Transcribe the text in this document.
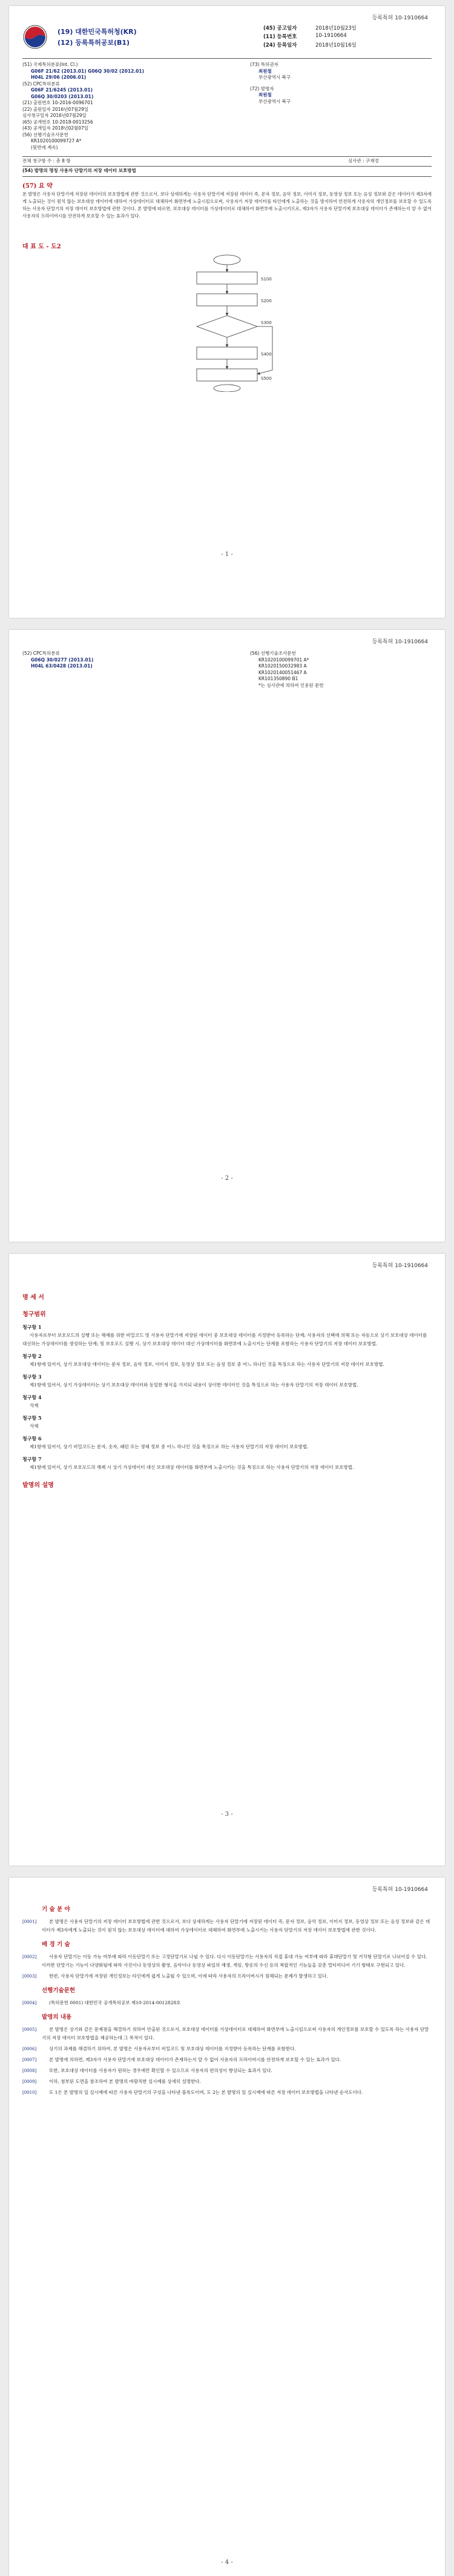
등록특허 10-1910664
(19) 대한민국특허청(KR)
(12) 등록특허공보(B1)
(45) 공고일자	2018년10월23일
(11) 등록번호	10-1910664
(24) 등록일자	2018년10월16일
(51) 국제특허분류(Int. Cl.)
G06F 21/62 (2013.01) G06Q 30/02 (2012.01)
H04L 29/06 (2006.01)
(52) CPC특허분류
G06F 21/6245 (2013.01)
G06Q 30/0203 (2013.01)
(21) 출원번호 10-2016-0096701
(22) 출원일자 2016년07월29일
심사청구일자 2016년07월29일
(65) 공개번호 10-2018-0013256
(43) 공개일자 2018년02월07일
(56) 선행기술조사문헌
KR1020100099727 A*
(뒷면에 계속)
(73) 특허권자
최원철
부산광역시 북구
(72) 발명자
최원철
부산광역시 북구
전체 청구항 수 : 총 8 항	심사관 : 구재정
(54) 발명의 명칭 사용자 단말기의 저장 데이터 보호방법
(57) 요 약
본 발명은 사용자 단말기에 저장된 데이터의 보호방법에 관한 것으로서, 보다 상세하게는 사용자 단말기에 저장된 데이터 즉, 문자 정보, 음악 정보, 이미지 정보, 동영상 정보 또는 음성 정보와 같은 데이터가 제3자에게 노출되는 것이 원치 않는 보호대상 데이터에 대하여 가상데이터로 대체하여 화면부에 노출시킴으로써, 사용자가 저장 데이터를 타인에게 노출하는 것을 방지하여 안전하게 사용자의 개인정보를 보호할 수 있도록 하는 사용자 단말기의 저장 데이터 보호방법에 관한 것이다. 본 발명에 따르면, 보호대상 데이터를 가상데이터로 대체하여 화면부에 노출시키므로, 제3자가 사용자 단말기에 보호대상 데이터가 존재하는지 알 수 없어 사용자의 프라이버시를 안전하게 보호할 수 있는 효과가 있다.
대 표 도 - 도2
S100
S200
S300
S400
S500
- 1 -
등록특허 10-1910664
(52) CPC특허분류
G06Q 30/0277 (2013.01)
H04L 63/0428 (2013.01)
(56) 선행기술조사문헌
KR1020100099701 A*
KR1020150032983 A
KR1020140051467 A
KR101350890 B1
*는 심사관에 의하여 인용된 문헌
- 2 -
등록특허 10-1910664
명 세 서
청구범위
청구항 1
사용자로부터 보호모드의 실행 또는 해제를 위한 비밀코드 및 사용자 단말기에 저장된 데이터 중 보호대상 데이터를 지정받아 등록하는 단계; 사용자의 선택에 의해 또는 자동으로 상기 보호대상 데이터를 대신하는 가상데이터를 생성하는 단계; 및 보호모드 실행 시, 상기 보호대상 데이터 대신 가상데이터를 화면부에 노출시키는 단계를 포함하는 사용자 단말기의 저장 데이터 보호방법.
청구항 2
제1항에 있어서, 상기 보호대상 데이터는 문자 정보, 음악 정보, 이미지 정보, 동영상 정보 또는 음성 정보 중 어느 하나인 것을 특징으로 하는 사용자 단말기의 저장 데이터 보호방법.
청구항 3
제1항에 있어서, 상기 가상데이터는 상기 보호대상 데이터와 동일한 형식을 가지되 내용이 상이한 데이터인 것을 특징으로 하는 사용자 단말기의 저장 데이터 보호방법.
청구항 4
삭제
청구항 5
삭제
청구항 6
제1항에 있어서, 상기 비밀코드는 문자, 숫자, 패턴 또는 생체 정보 중 어느 하나인 것을 특징으로 하는 사용자 단말기의 저장 데이터 보호방법.
청구항 7
제1항에 있어서, 상기 보호모드의 해제 시 상기 가상데이터 대신 보호대상 데이터를 화면부에 노출시키는 것을 특징으로 하는 사용자 단말기의 저장 데이터 보호방법.
발명의 설명
- 3 -
등록특허 10-1910664
기 술 분 야
[0001]	본 발명은 사용자 단말기의 저장 데이터 보호방법에 관한 것으로서, 보다 상세하게는 사용자 단말기에 저장된 데이터 즉, 문자 정보, 음악 정보, 이미지 정보, 동영상 정보 또는 음성 정보와 같은 데이터가 제3자에게 노출되는 것이 원치 않는 보호대상 데이터에 대하여 가상데이터로 대체하여 화면부에 노출시키는 사용자 단말기의 저장 데이터 보호방법에 관한 것이다.
배 경 기 술
[0002]	사용자 단말기는 이동 가능 여부에 따라 이동단말기 또는 고정단말기로 나뉠 수 있다. 다시 이동단말기는 사용자의 직접 휴대 가능 여부에 따라 휴대단말기 및 거치형 단말기로 나뉘어질 수 있다. 이러한 단말기는 기능이 다양화됨에 따라 사진이나 동영상의 촬영, 음악이나 동영상 파일의 재생, 게임, 방송의 수신 등의 복합적인 기능들을 갖춘 멀티미디어 기기 형태로 구현되고 있다.
[0003]	한편, 사용자 단말기에 저장된 개인정보는 타인에게 쉽게 노출될 수 있으며, 이에 따라 사용자의 프라이버시가 침해되는 문제가 발생하고 있다.
선행기술문헌
[0004]	(특허문헌 0001) 대한민국 공개특허공보 제10-2014-0012828호
발명의 내용
[0005]	본 발명은 상기와 같은 문제점을 해결하기 위하여 안출된 것으로서, 보호대상 데이터를 가상데이터로 대체하여 화면부에 노출시킴으로써 사용자의 개인정보를 보호할 수 있도록 하는 사용자 단말기의 저장 데이터 보호방법을 제공하는데 그 목적이 있다.
[0006]	상기의 과제를 해결하기 위하여, 본 발명은 사용자로부터 비밀코드 및 보호대상 데이터를 지정받아 등록하는 단계를 포함한다.
[0007]	본 발명에 의하면, 제3자가 사용자 단말기에 보호대상 데이터가 존재하는지 알 수 없어 사용자의 프라이버시를 안전하게 보호할 수 있는 효과가 있다.
[0008]	또한, 보호대상 데이터를 사용자가 원하는 경우에만 확인할 수 있으므로 사용자의 편의성이 향상되는 효과가 있다.
[0009]	이하, 첨부된 도면을 참조하여 본 발명의 바람직한 실시예를 상세히 설명한다.
[0010]	도 1은 본 발명의 일 실시예에 따른 사용자 단말기의 구성을 나타낸 블록도이며, 도 2는 본 발명의 일 실시예에 따른 저장 데이터 보호방법을 나타낸 순서도이다.
- 4 -
